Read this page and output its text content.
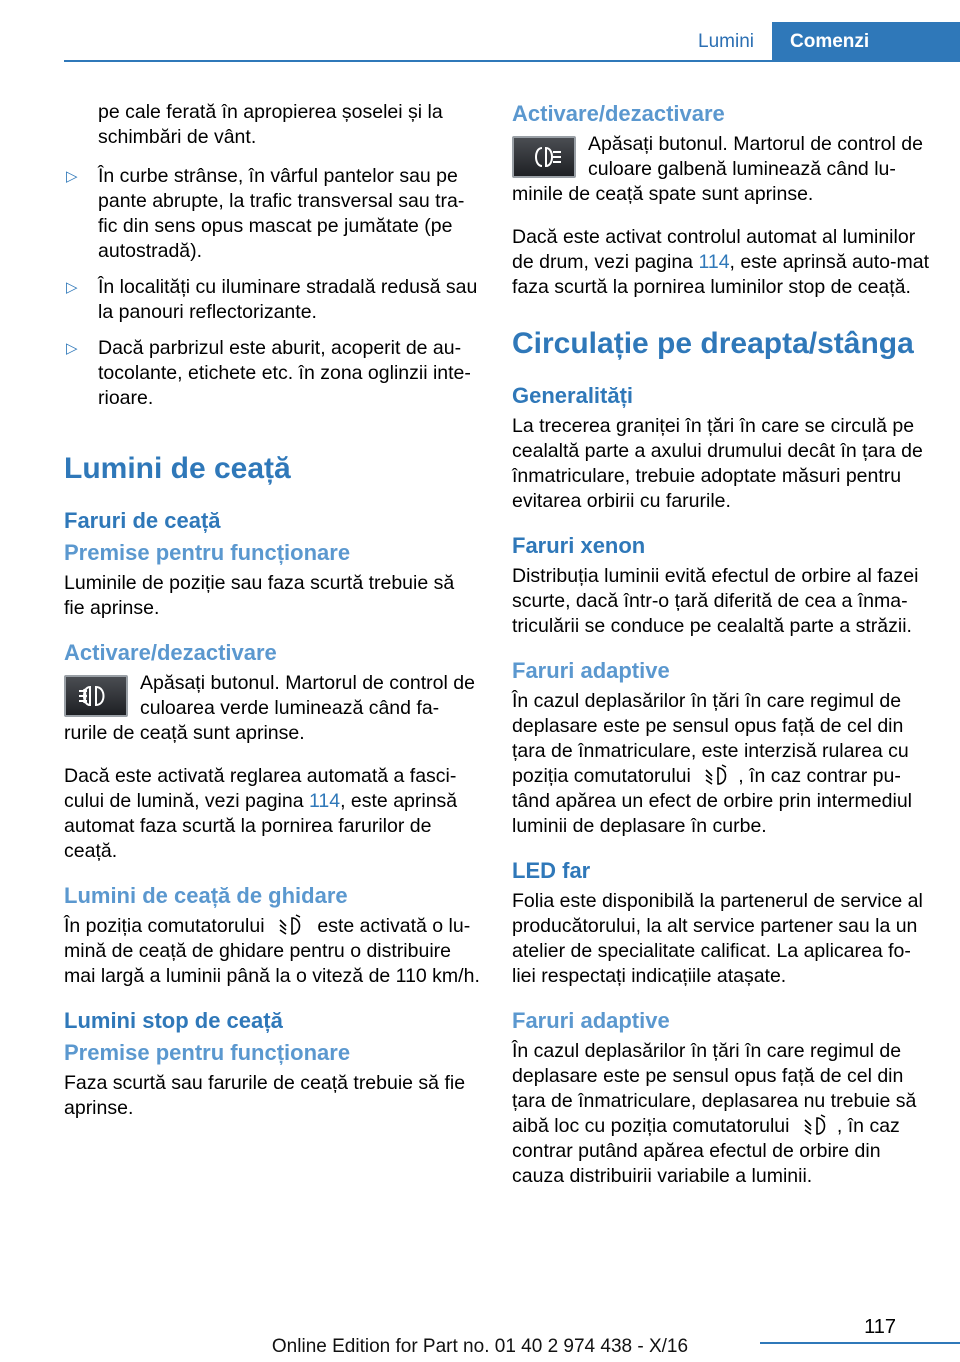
Lumini	Comenzi
pe cale ferată în apropierea șoselei și la schimbări de vânt.
▷ În curbe strânse, în vârful pantelor sau pe pante abrupte, la trafic transversal sau tra‐fic din sens opus mascat pe jumătate (pe autostradă).
▷ În localități cu iluminare stradală redusă sau la panouri reflectorizante.
▷ Dacă parbrizul este aburit, acoperit de au‐tocolante, etichete etc. în zona oglinzii inte‐rioare.
Lumini de ceață
Faruri de ceață
Premise pentru funcționare

Luminile de poziție sau faza scurtă trebuie să fie aprinse.

Activare/dezactivare

Apăsați butonul. Martorul de control de culoarea verde luminează când fa‐rurile de ceață sunt aprinse.

Dacă este activată reglarea automată a fasci‐cului de lumină, vezi pagina 114, este aprinsă automat faza scurtă la pornirea farurilor de ceață.

Lumini de ceață de ghidare

În poziția comutatorului	este activată o lu‐mină de ceață de ghidare pentru o distribuire mai largă a luminii până la o viteză de 110 km/h.

Lumini stop de ceață
Premise pentru funcționare

Faza scurtă sau farurile de ceață trebuie să fie aprinse.

Activare/dezactivare

Apăsați butonul. Martorul de control de culoare galbenă luminează când lu‐minile de ceață spate sunt aprinse.

Dacă este activat controlul automat al luminilor de drum, vezi pagina 114, este aprinsă auto‐mat faza scurtă la pornirea luminilor stop de ceață.

Circulație pe dreapta/stânga
Generalități

La trecerea graniței în țări în care se circulă pe cealaltă parte a axului drumului decât în țara de înmatriculare, trebuie adoptate măsuri pentru evitarea orbirii cu farurile.

Faruri xenon

Distribuția luminii evită efectul de orbire al fazei scurte, dacă într-o țară diferită de cea a înma‐triculării se conduce pe cealaltă parte a străzii.

Faruri adaptive

În cazul deplasărilor în țări în care regimul de deplasare este pe sensul opus față de cel din țara de înmatriculare, este interzisă rularea cu poziția comutatorului , în caz contrar pu‐tând apărea un efect de orbire prin intermediul luminii de deplasare în curbe.

LED far

Folia este disponibilă la partenerul de service al producătorului, la alt service partener sau la un atelier de specialitate calificat. La aplicarea fo‐liei respectați indicațiile atașate.

Faruri adaptive

În cazul deplasărilor în țări în care regimul de deplasare este pe sensul opus față de cel din țara de înmatriculare, deplasarea nu trebuie să aibă loc cu poziția comutatorului , în caz contrar putând apărea efectul de orbire din cauza distribuirii variabile a luminii.

117
Online Edition for Part no. 01 40 2 974 438 - X/16
